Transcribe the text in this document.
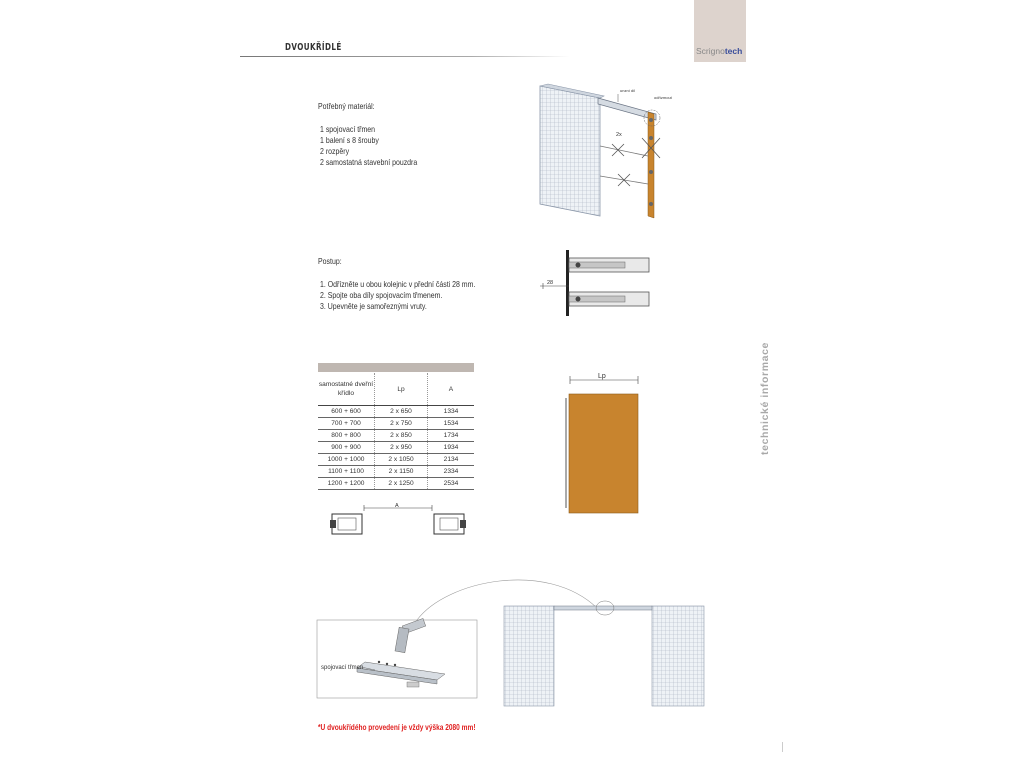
Scrignotech
DVOUKŘÍDLÉ
Potřebný materiál:
1 spojovací třmen
1 balení s 8 šrouby
2 rozpěry
2 samostatná stavební pouzdra
unzní díl
odřízmout
2x
Postup:
1. Odřízněte u obou kolejnic v přední části 28 mm.
2. Spojte oba díly spojovacím třmenem.
3. Upevněte je samořeznými vruty.
28
technické informace
samostatné dveřní křídlo	Lp	A
600 + 600	2 x 650	1334
700 + 700	2 x 750	1534
800 + 800	2 x 850	1734
900 + 900	2 x 950	1934
1000 + 1000	2 x 1050	2134
1100 + 1100	2 x 1150	2334
1200 + 1200	2 x 1250	2534
A
Lp
spojovací třmen
*U dvoukřídého provedení je vždy výška 2080 mm!
